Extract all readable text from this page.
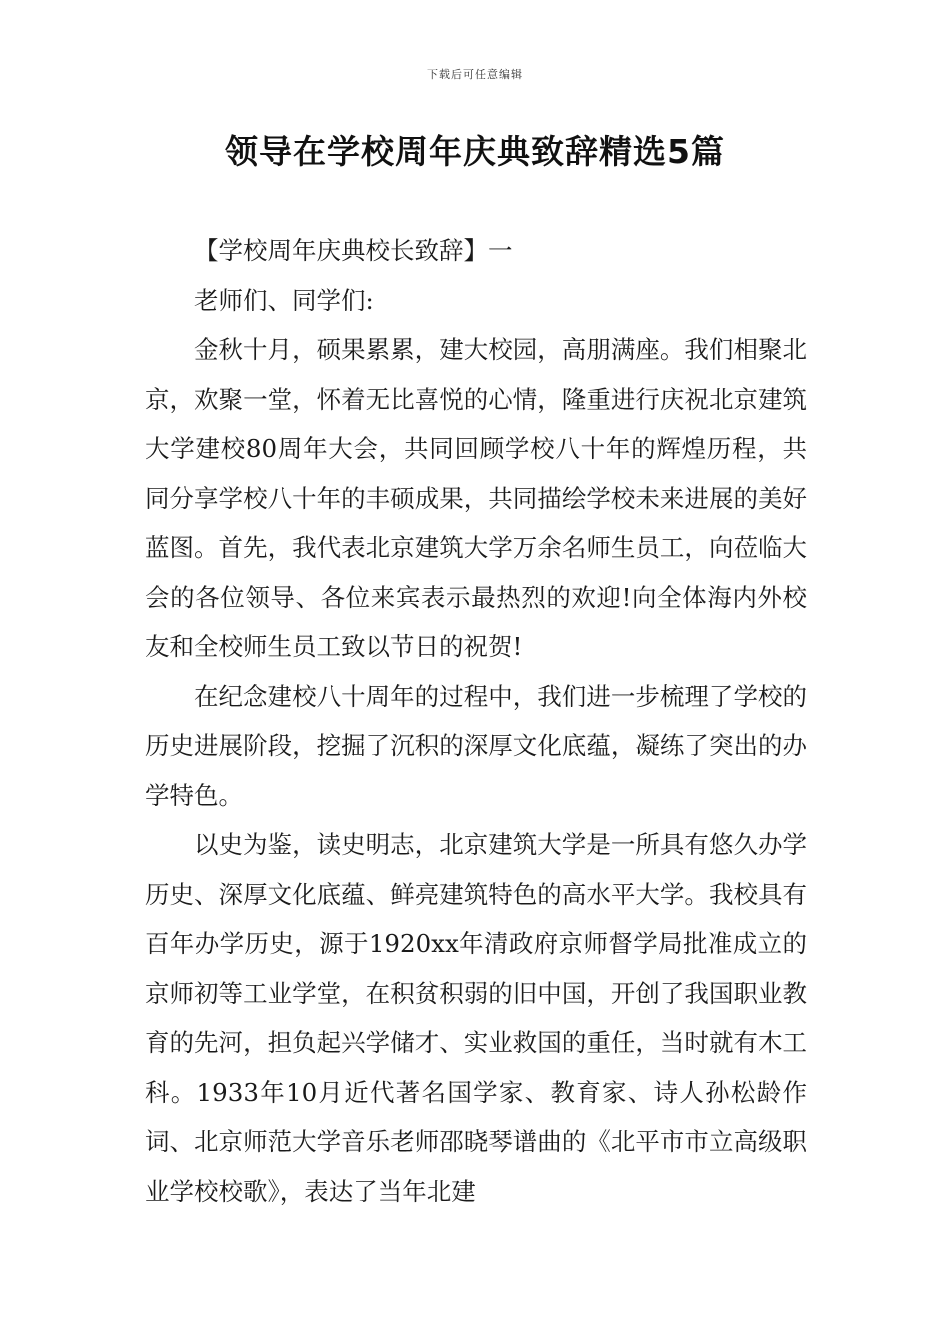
下载后可任意编辑
领导在学校周年庆典致辞精选5篇

【学校周年庆典校长致辞】一

老师们、同学们:

金秋十月，硕果累累，建大校园，高朋满座。我们相聚北京，欢聚一堂，怀着无比喜悦的心情，隆重进行庆祝北京建筑大学建校80周年大会，共同回顾学校八十年的辉煌历程，共同分享学校八十年的丰硕成果，共同描绘学校未来进展的美好蓝图。首先，我代表北京建筑大学万余名师生员工，向莅临大会的各位领导、各位来宾表示最热烈的欢迎!向全体海内外校友和全校师生员工致以节日的祝贺!

在纪念建校八十周年的过程中，我们进一步梳理了学校的历史进展阶段，挖掘了沉积的深厚文化底蕴，凝练了突出的办学特色。

以史为鉴，读史明志，北京建筑大学是一所具有悠久办学历史、深厚文化底蕴、鲜亮建筑特色的高水平大学。我校具有百年办学历史，源于1920xx年清政府京师督学局批准成立的京师初等工业学堂，在积贫积弱的旧中国，开创了我国职业教育的先河，担负起兴学储才、实业救国的重任，当时就有木工科。1933年10月近代著名国学家、教育家、诗人孙松龄作词、北京师范大学音乐老师邵晓琴谱曲的《北平市市立高级职业学校校歌》，表达了当年北建
